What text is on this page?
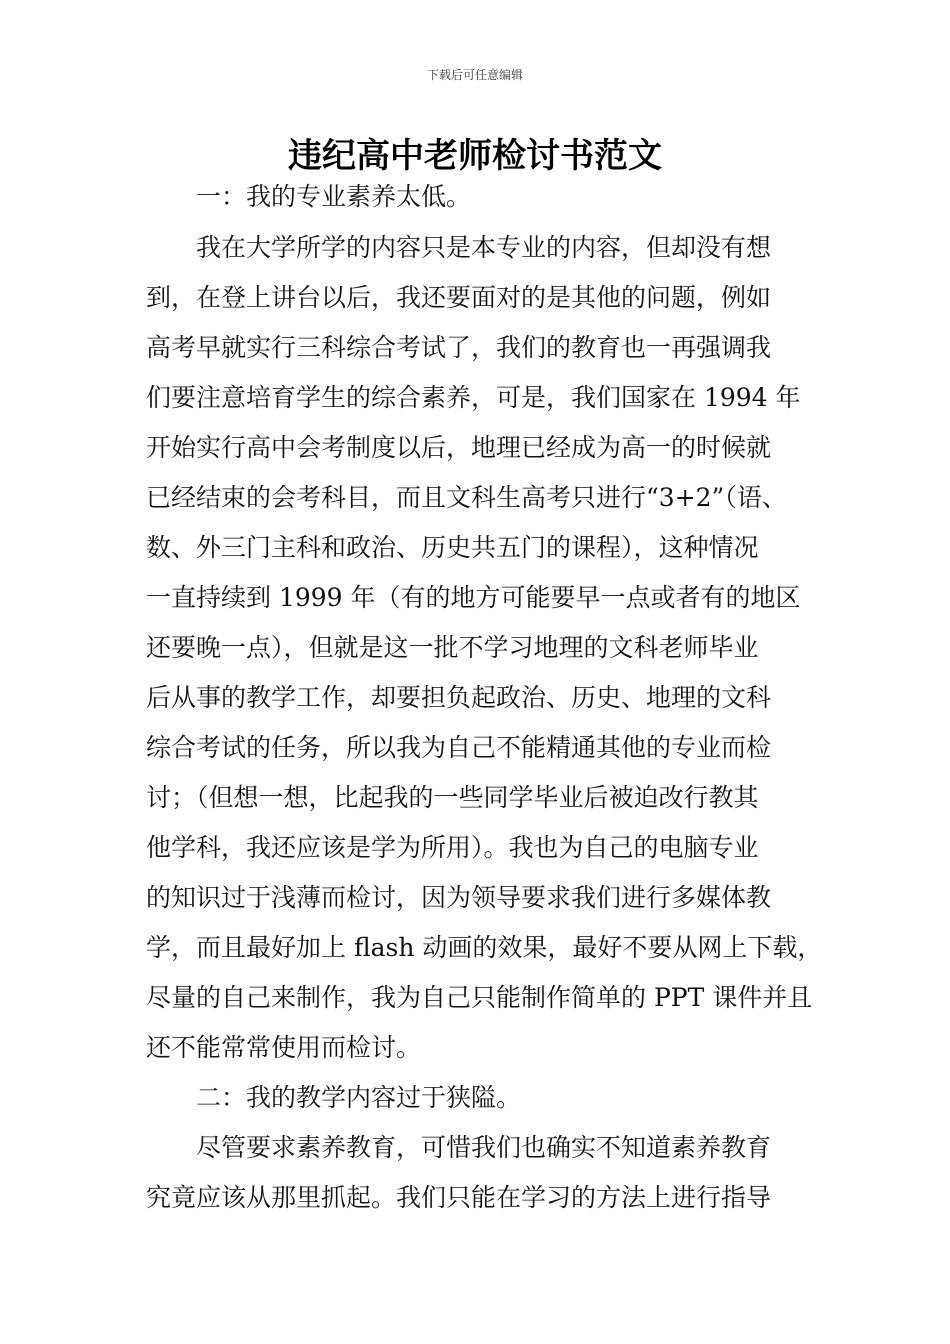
下载后可任意编辑
违纪高中老师检讨书范文
一：我的专业素养太低。
我在大学所学的内容只是本专业的内容，但却没有想
到，在登上讲台以后，我还要面对的是其他的问题，例如
高考早就实行三科综合考试了，我们的教育也一再强调我
们要注意培育学生的综合素养，可是，我们国家在 1994 年
开始实行高中会考制度以后，地理已经成为高一的时候就
已经结束的会考科目，而且文科生高考只进行“3+2”（语、
数、外三门主科和政治、历史共五门的课程），这种情况
一直持续到 1999 年（有的地方可能要早一点或者有的地区
还要晚一点），但就是这一批不学习地理的文科老师毕业
后从事的教学工作，却要担负起政治、历史、地理的文科
综合考试的任务，所以我为自己不能精通其他的专业而检
讨；（但想一想，比起我的一些同学毕业后被迫改行教其
他学科，我还应该是学为所用）。我也为自己的电脑专业
的知识过于浅薄而检讨，因为领导要求我们进行多媒体教
学，而且最好加上 flash 动画的效果，最好不要从网上下载，
尽量的自己来制作，我为自己只能制作简单的 PPT 课件并且
还不能常常使用而检讨。
二：我的教学内容过于狭隘。
尽管要求素养教育，可惜我们也确实不知道素养教育
究竟应该从那里抓起。我们只能在学习的方法上进行指导
